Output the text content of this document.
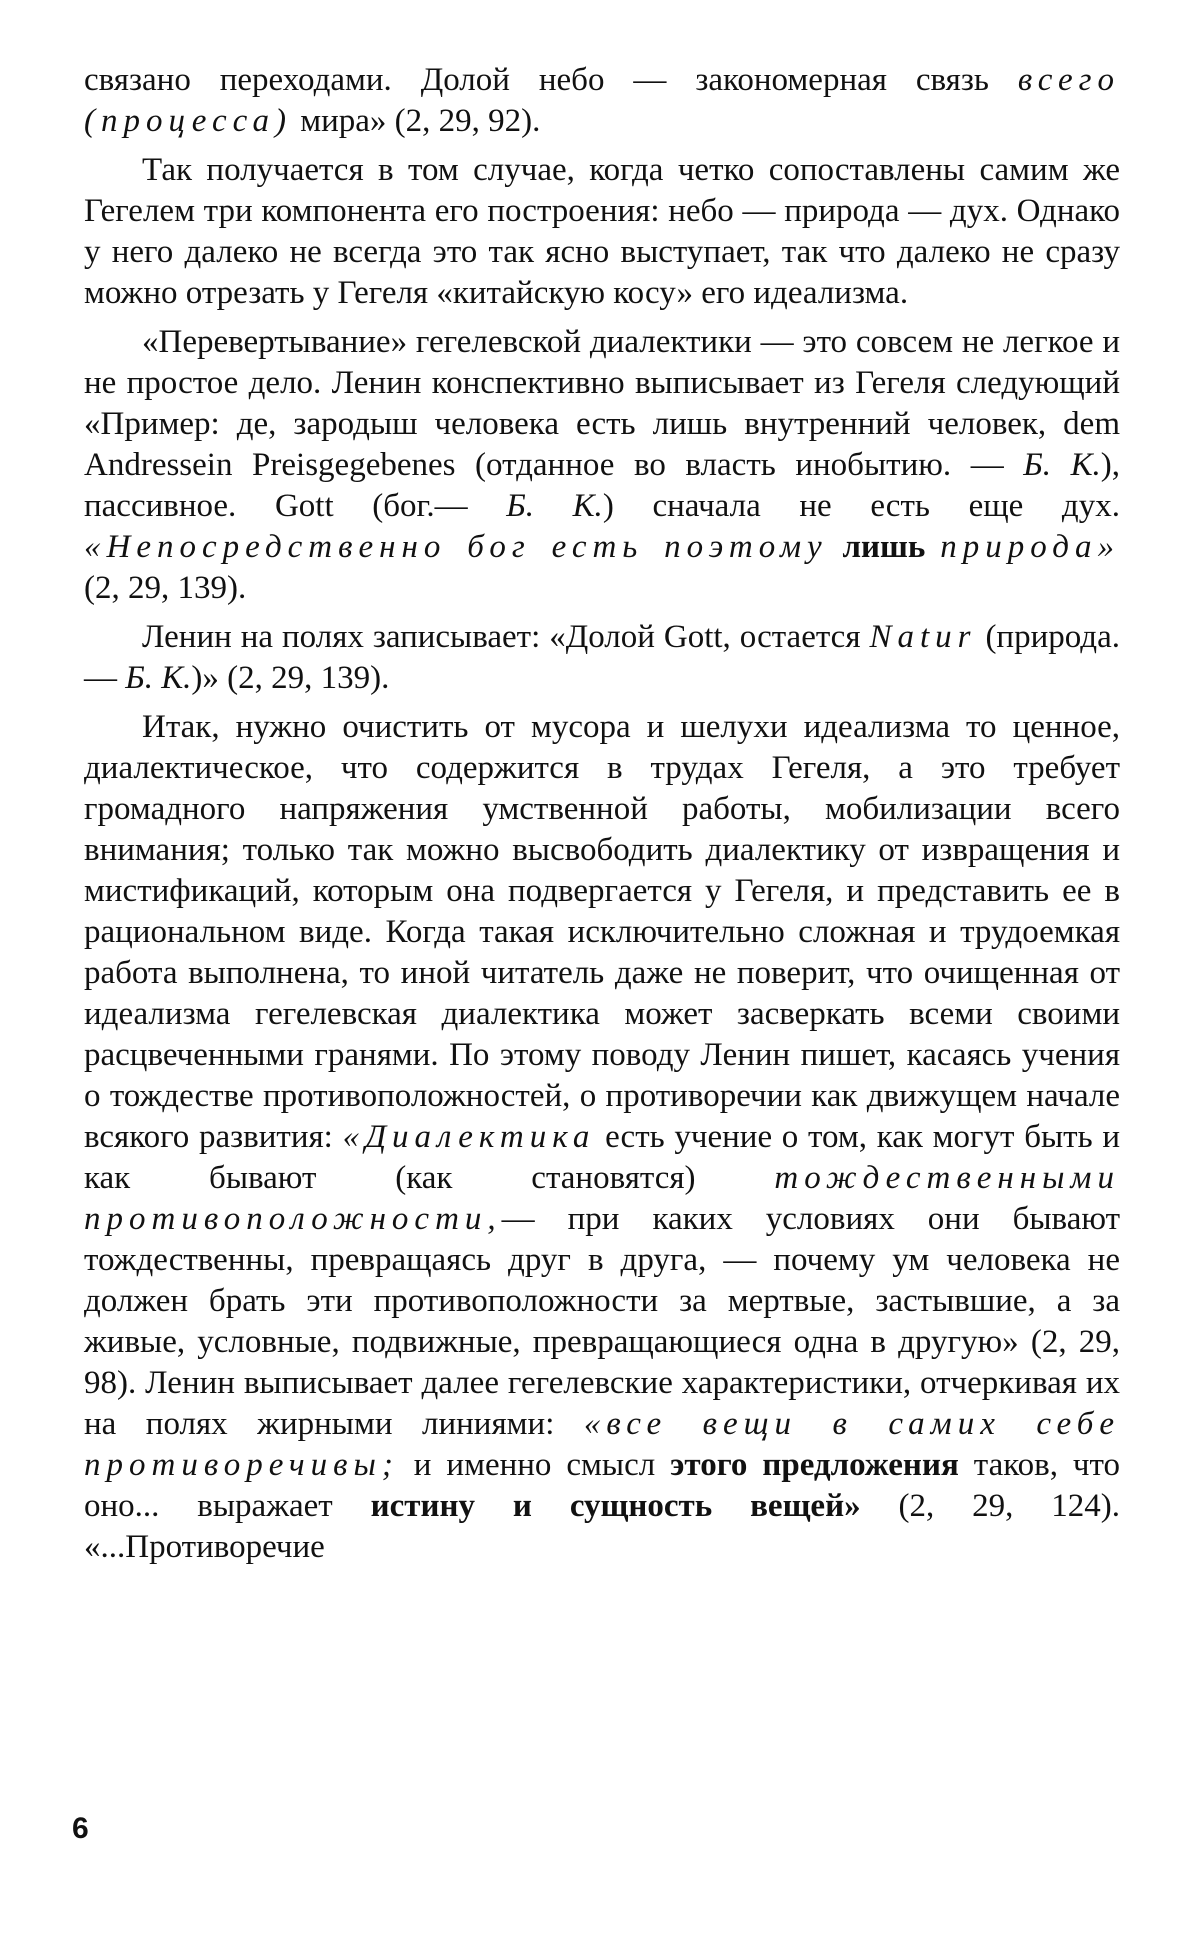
связано переходами. Долой небо — закономерная связь всего (процесса) мира» (2, 29, 92).

Так получается в том случае, когда четко сопоставлены самим же Гегелем три компонента его построения: небо — природа — дух. Однако у него далеко не всегда это так ясно выступает, так что далеко не сразу можно отрезать у Гегеля «китайскую косу» его идеализма.

«Перевертывание» гегелевской диалектики — это совсем не легкое и не простое дело. Ленин конспективно выписывает из Гегеля следующий «Пример: де, зародыш человека есть лишь внутренний человек, dem Andresseіn Preisgegebenes (отданное во власть инобытию. — Б. К.), пассивное. Gott (бог.— Б. К.) сначала не есть еще дух. «Непосредственно бог есть поэтому лишь природа» (2, 29, 139).

Ленин на полях записывает: «Долой Gott, остается Natur (природа.— Б. К.)» (2, 29, 139).

Итак, нужно очистить от мусора и шелухи идеализма то ценное, диалектическое, что содержится в трудах Гегеля, а это требует громадного напряжения умственной работы, мобилизации всего внимания; только так можно высвободить диалектику от извращения и мистификаций, которым она подвергается у Гегеля, и представить ее в рациональном виде. Когда такая исключительно сложная и трудоемкая работа выполнена, то иной читатель даже не поверит, что очищенная от идеализма гегелевская диалектика может засверкать всеми своими расцвеченными гранями. По этому поводу Ленин пишет, касаясь учения о тождестве противоположностей, о противоречии как движущем начале всякого развития: «Диалектика есть учение о том, как могут быть и как бывают (как становятся) тождественными противоположности,— при каких условиях они бывают тождественны, превращаясь друг в друга, — почему ум человека не должен брать эти противоположности за мертвые, застывшие, а за живые, условные, подвижные, превращающиеся одна в другую» (2, 29, 98). Ленин выписывает далее гегелевские характеристики, отчеркивая их на полях жирными линиями: «все вещи в самих себе противоречивы; и именно смысл этого предложения таков, что оно... выражает истину и сущность вещей» (2, 29, 124). «...Противоречие

6
